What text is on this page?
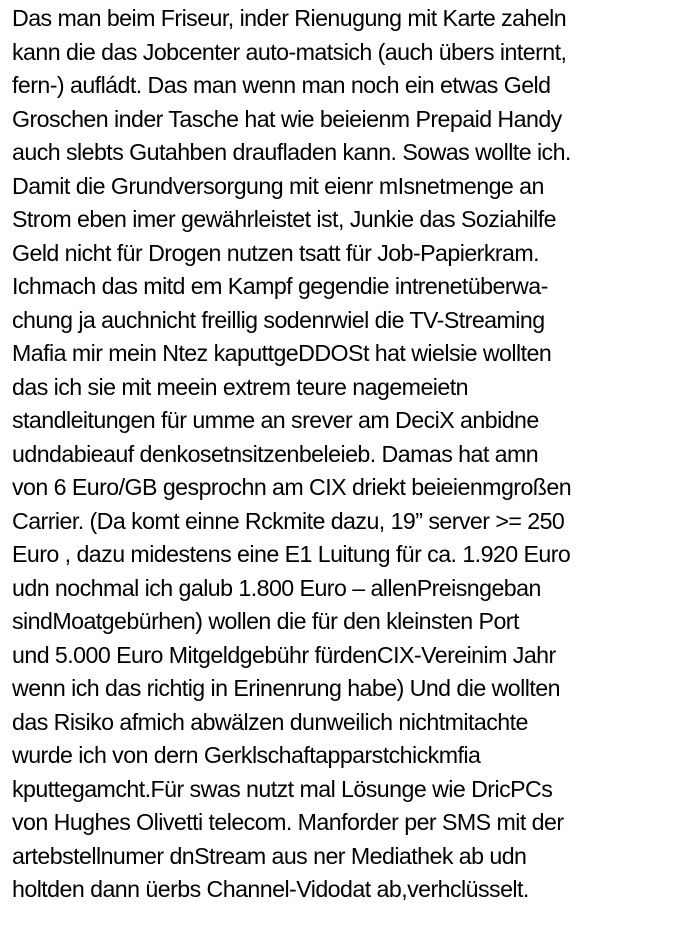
Das man beim Friseur, inder Rienugung mit Karte zaheln
kann die das Jobcenter auto-matsich (auch übers internt,
fern-) aufládt. Das man wenn man noch ein etwas Geld
Groschen inder Tasche hat wie beieienm Prepaid Handy
auch slebts Gutahben draufladen kann. Sowas wollte ich.
Damit die Grundversorgung mit eienr mIsnetmenge an
Strom eben imer gewährleistet ist, Junkie das Soziahilfe
Geld nicht für Drogen nutzen tsatt für Job-Papierkram.
Ichmach das mitd em Kampf gegendie intrenetüberwa-
chung ja auchnicht freillig sodenrwiel die TV-Streaming
Mafia mir mein Ntez kaputtgeDDOSt hat wielsie wollten
das ich sie mit meein extrem teure nagemeietn
standleitungen für umme an srever am DeciX anbidne
udndabieauf denkosetnsitzenbeleieb. Damas hat amn
von 6 Euro/GB gesprochn am CIX driekt beieienmgroßen
Carrier. (Da komt einne Rckmite dazu, 19” server >= 250
Euro , dazu midestens eine E1 Luitung für ca. 1.920 Euro
udn nochmal ich galub 1.800 Euro – allenPreisngeban
sindMoatgebürhen) wollen die für den kleinsten Port
und 5.000 Euro Mitgeldgebühr fürdenCIX-Vereinim Jahr
wenn ich das richtig in Erinenrung habe) Und die wollten
das Risiko afmich abwälzen dunweilich nichtmitachte
wurde ich von dern Gerklschaftapparstchickmfia
kputtegamcht.Für swas nutzt mal Lösunge wie DricPCs
von Hughes Olivetti telecom. Manforder per SMS mit der
artebstellnumer dnStream aus ner Mediathek ab udn
holtden dann üerbs Channel-Vidodat ab,verhclüsselt.
